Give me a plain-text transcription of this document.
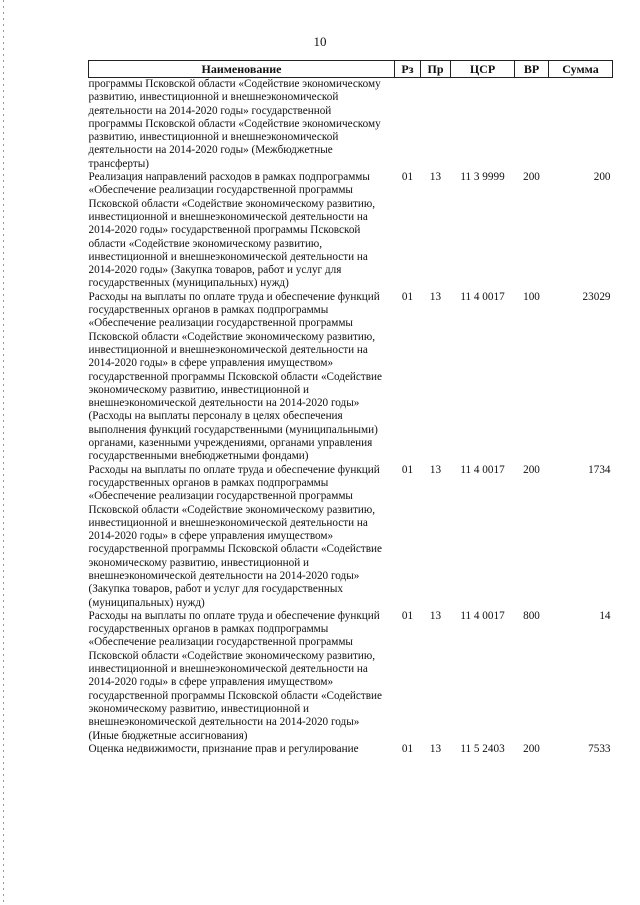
10
Наименование	Рз	Пр	ЦСР	ВР	Сумма
программы Псковской области «Содействие экономическому развитию, инвестиционной и внешнеэкономической деятельности на 2014-2020 годы» государственной программы Псковской области «Содействие экономическому развитию, инвестиционной и внешнеэкономической деятельности на 2014-2020 годы» (Межбюджетные трансферты)					
Реализация направлений расходов в рамках подпрограммы «Обеспечение реализации государственной программы Псковской области «Содействие экономическому развитию, инвестиционной и внешнеэкономической деятельности на 2014-2020 годы» государственной программы Псковской области «Содействие экономическому развитию, инвестиционной и внешнеэкономической деятельности на 2014-2020 годы» (Закупка товаров, работ и услуг для государственных (муниципальных) нужд)	01	13	11 3 9999	200	200
Расходы на выплаты по оплате труда и обеспечение функций государственных органов в рамках подпрограммы «Обеспечение реализации государственной программы Псковской области «Содействие экономическому развитию, инвестиционной и внешнеэкономической деятельности на 2014-2020 годы» в сфере управления имуществом» государственной программы Псковской области «Содействие экономическому развитию, инвестиционной и внешнеэкономической деятельности на 2014-2020 годы» (Расходы на выплаты персоналу в целях обеспечения выполнения функций государственными (муниципальными) органами, казенными учреждениями, органами управления государственными внебюджетными фондами)	01	13	11 4 0017	100	23029
Расходы на выплаты по оплате труда и обеспечение функций государственных органов в рамках подпрограммы «Обеспечение реализации государственной программы Псковской области «Содействие экономическому развитию, инвестиционной и внешнеэкономической деятельности на 2014-2020 годы» в сфере управления имуществом» государственной программы Псковской области «Содействие экономическому развитию, инвестиционной и внешнеэкономической деятельности на 2014-2020 годы» (Закупка товаров, работ и услуг для государственных (муниципальных) нужд)	01	13	11 4 0017	200	1734
Расходы на выплаты по оплате труда и обеспечение функций государственных органов в рамках подпрограммы «Обеспечение реализации государственной программы Псковской области «Содействие экономическому развитию, инвестиционной и внешнеэкономической деятельности на 2014-2020 годы» в сфере управления имуществом» государственной программы Псковской области «Содействие экономическому развитию, инвестиционной и внешнеэкономической деятельности на 2014-2020 годы» (Иные бюджетные ассигнования)	01	13	11 4 0017	800	14
Оценка недвижимости, признание прав и регулирование	01	13	11 5 2403	200	7533
